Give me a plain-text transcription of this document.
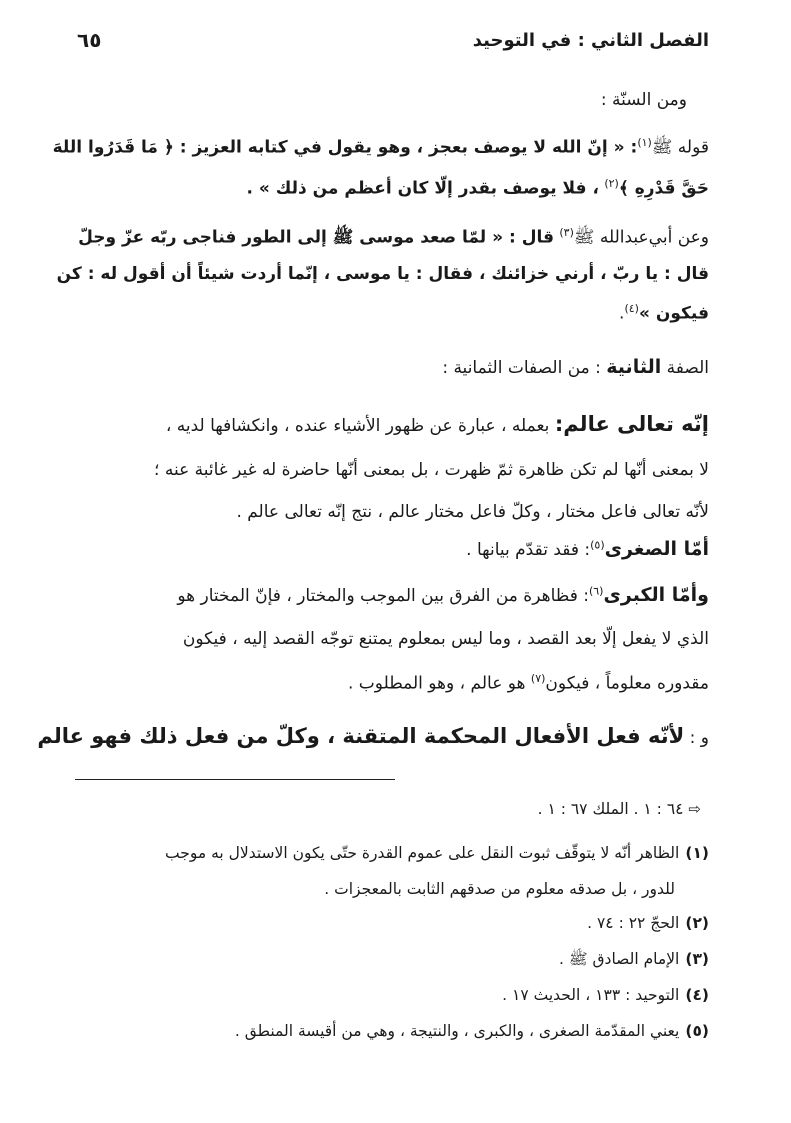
الفصل الثاني : في التوحيد
٦٥
ومن السنّة :
قوله ﷺ$^{(١)}$: « إنّ الله لا يوصف بعجز ، وهو يقول في كتابه العزيز : ﴿ مَا قَدَرُوا اللهَ
حَقَّ قَدْرِهِ ﴾$^{(٢)}$ ، فلا يوصف بقدر إلّا كان أعظم من ذلك » .
وعن أبي‌عبدالله ﷺ$^{(٣)}$ قال : « لمّا صعد موسى ﷺ إلى الطور فناجى ربّه عزّ وجلّ
قال : يا ربّ ، أرني خزائنك ، فقال : يا موسى ، إنّما أردت شيئاً أن أقول له : كن
فيكون »$^{(٤)}$.
الصفة الثانية : من الصفات الثمانية :
إنّه تعالى عالم: بعمله ، عبارة عن ظهور الأشياء عنده ، وانكشافها لديه ،
لا بمعنى أنّها لم تكن ظاهرة ثمّ ظهرت ، بل بمعنى أنّها حاضرة له غير غائبة عنه ؛
لأنّه تعالى فاعل مختار ، وكلّ فاعل مختار عالم ، نتج إنّه تعالى عالم .
أمّا الصغرى$^{(٥)}$: فقد تقدّم بيانها .
وأمّا الكبرى$^{(٦)}$: فظاهرة من الفرق بين الموجب والمختار ، فإنّ المختار هو
الذي لا يفعل إلّا بعد القصد ، وما ليس بمعلوم يمتنع توجّه القصد إليه ، فيكون
مقدوره معلوماً ، فيكون$^{(٧)}$ هو عالم ، وهو المطلوب .
و : لأنّه فعل الأفعال المحكمة المتقنة ، وكلّ من فعل ذلك فهو عالم
⇨ ٦٤ : ١ . الملك ٦٧ : ١ .
(١)الظاهر أنّه لا يتوقّف ثبوت النقل على عموم القدرة حتّى يكون الاستدلال به موجب
للدور ، بل صدقه معلوم من صدقهم الثابت بالمعجزات .
(٢)الحجّ ٢٢ : ٧٤ .
(٣)الإمام الصادق ﷺ .
(٤)التوحيد : ١٣٣ ، الحديث ١٧ .
(٥)يعني المقدّمة الصغرى ، والكبرى ، والنتيجة ، وهي من أقيسة المنطق .
